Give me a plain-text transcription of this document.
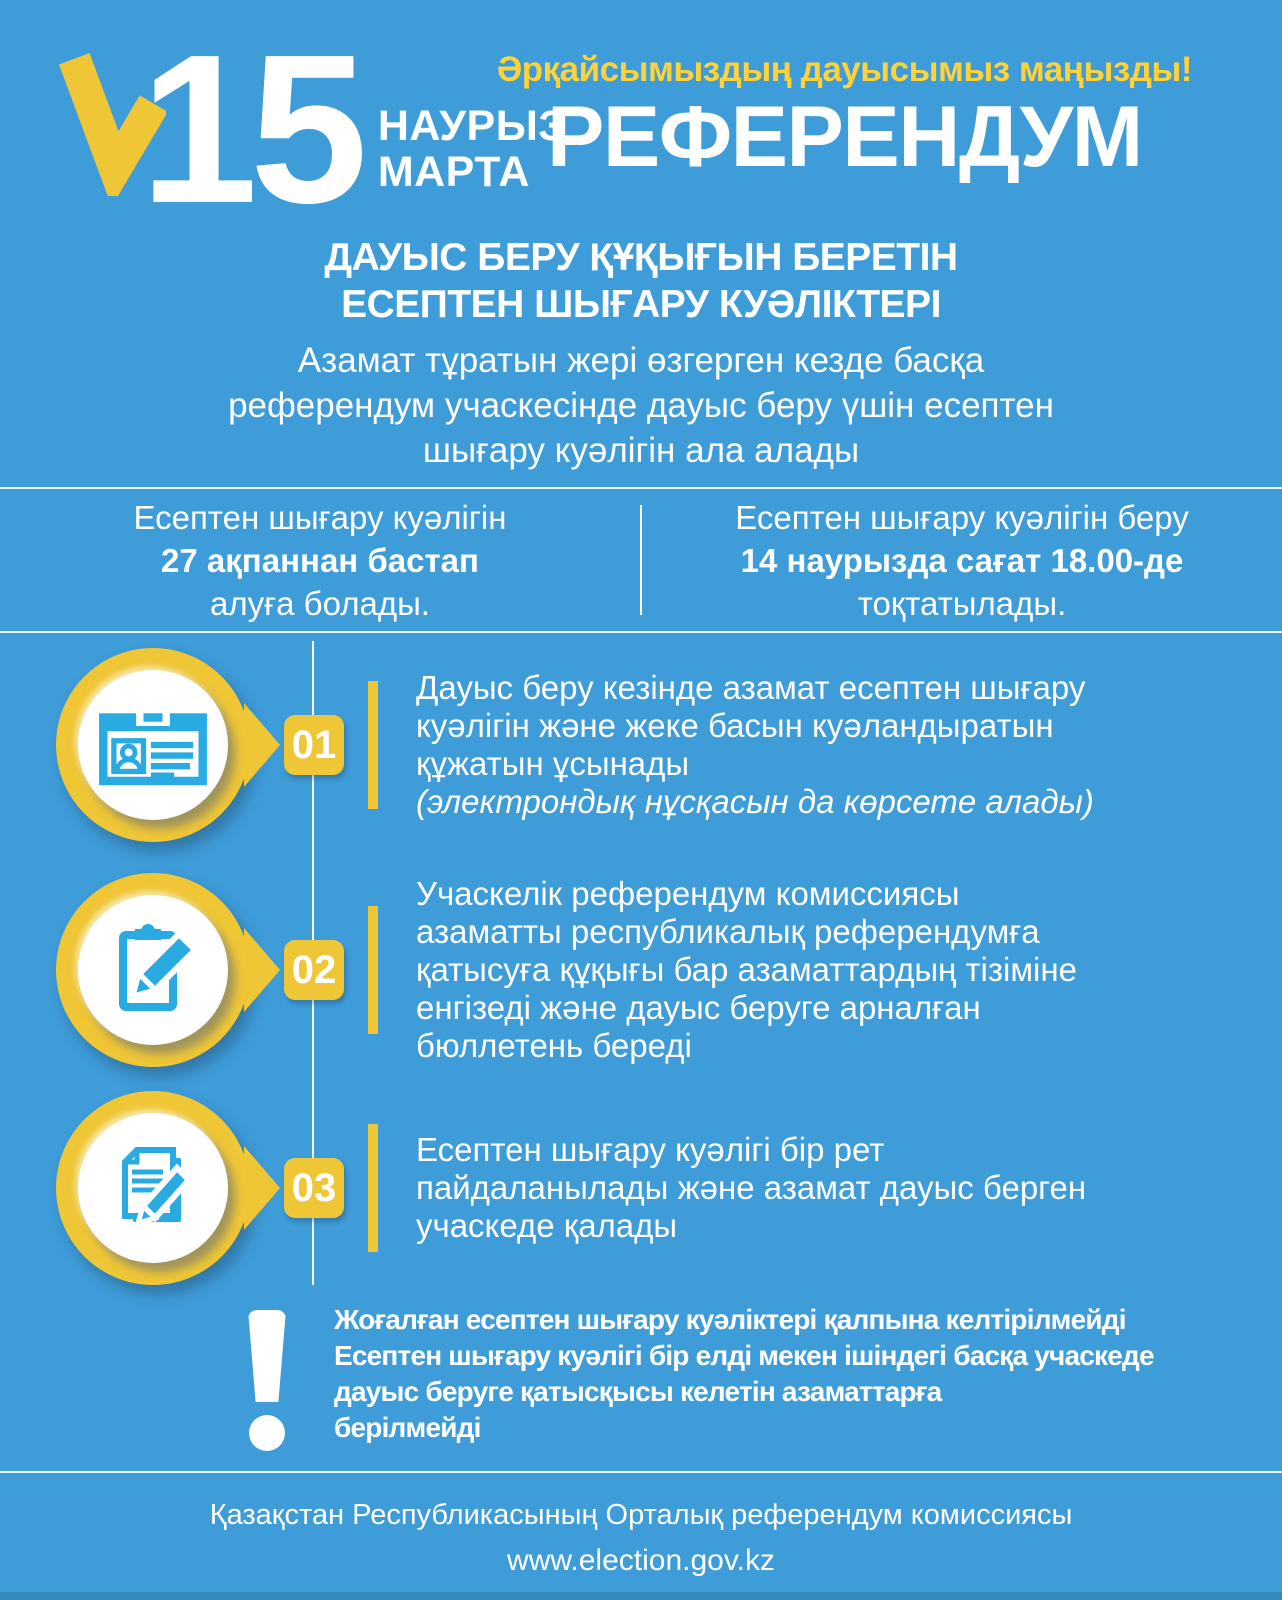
15 НАУРЫЗ
МАРТА
Әрқайсымыздың дауысымыз маңызды!
РЕФЕРЕНДУМ
ДАУЫС БЕРУ ҚҰҚЫҒЫН БЕРЕТІН
ЕСЕПТЕН ШЫҒАРУ КУӘЛІКТЕРІ
Азамат тұратын жері өзгерген кезде басқа
референдум учаскесінде дауыс беру үшін есептен
шығару куәлігін ала алады
Есептен шығару куәлігін
27 ақпаннан бастап
алуға болады.
Есептен шығару куәлігін беру
14 наурызда сағат 18.00-де
тоқтатылады.
01
Дауыс беру кезінде азамат есептен шығару
куәлігін және жеке басын куәландыратын
құжатын ұсынады
(электрондық нұсқасын да көрсете алады)
02
Учаскелік референдум комиссиясы
азаматты республикалық референдумға
қатысуға құқығы бар азаматтардың тізіміне
енгізеді және дауыс беруге арналған
бюллетень береді
03
Есептен шығару куәлігі бір рет
пайдаланылады және азамат дауыс берген
учаскеде қалады
Жоғалған есептен шығару куәліктері қалпына келтірілмейді
Есептен шығару куәлігі бір елді мекен ішіндегі басқа учаскеде
дауыс беруге қатысқысы келетін азаматтарға
берілмейді
Қазақстан Республикасының Орталық референдум комиссиясы
www.election.gov.kz
